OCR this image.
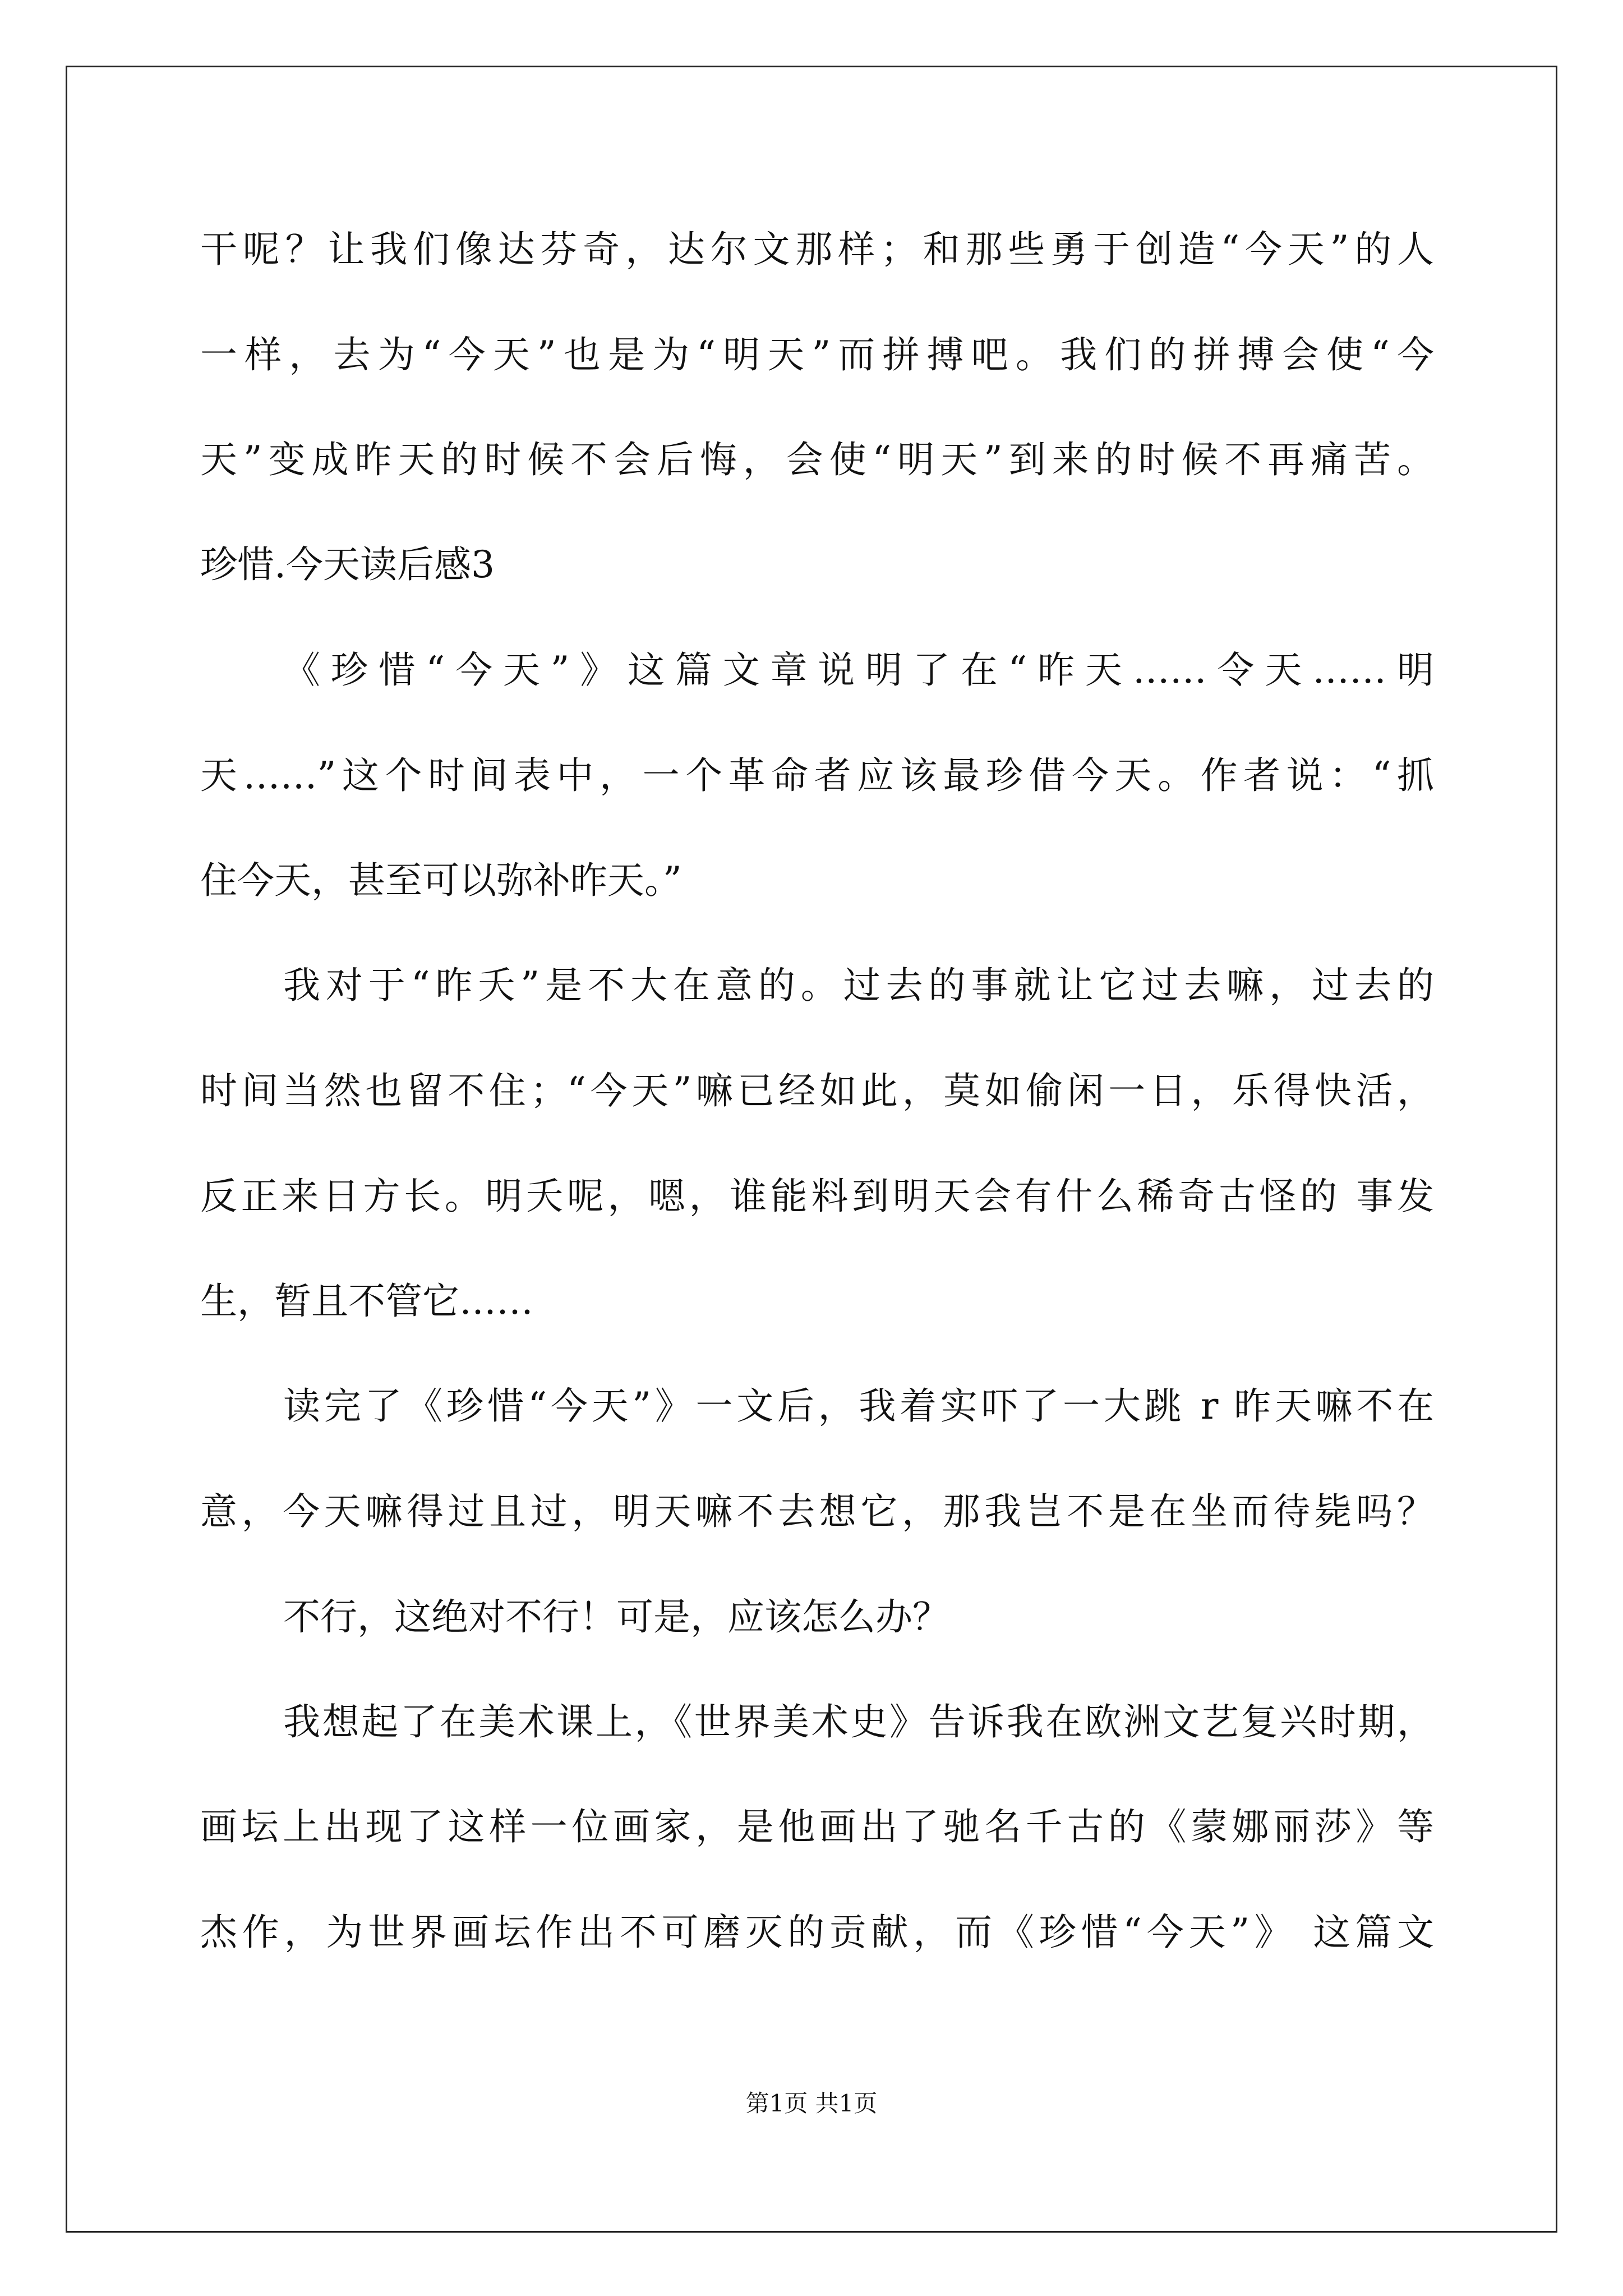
干呢？让我们像达芬奇，达尔文那样；和那些勇于创造“今天”的人
一样，去为“今天”也是为“明天”而拼搏吧。我们的拼搏会使“今
天”变成昨天的时候不会后悔，会使“明天”到来的时候不再痛苦。
珍惜.今天读后感3
《珍惜“今天”》这篇文章说明了在“昨天……令天……明
天……”这个时间表中，一个革命者应该最珍借今天。作者说：“抓
住今天，甚至可以弥补昨天。”
我对于“昨夭”是不大在意的。过去的事就让它过去嘛，过去的
时间当然也留不住；“今天”嘛已经如此，莫如偷闲一日，乐得快活，
反正来日方长。明夭呢，嗯，谁能料到明天会有什么稀奇古怪的 事发
生，暂且不管它……
读完了《珍惜“今天”》一文后，我着实吓了一大跳 r 昨天嘛不在
意，今天嘛得过且过，明天嘛不去想它，那我岂不是在坐而待毙吗？
不行，这绝对不行！可是，应该怎么办？
我想起了在美术课上，《世界美术史》告诉我在欧洲文艺复兴时期，
画坛上出现了这样一位画家，是他画出了驰名千古的《蒙娜丽莎》等
杰作，为世界画坛作出不可磨灭的贡献，而《珍惜“今天”》 这篇文
第1页 共1页
